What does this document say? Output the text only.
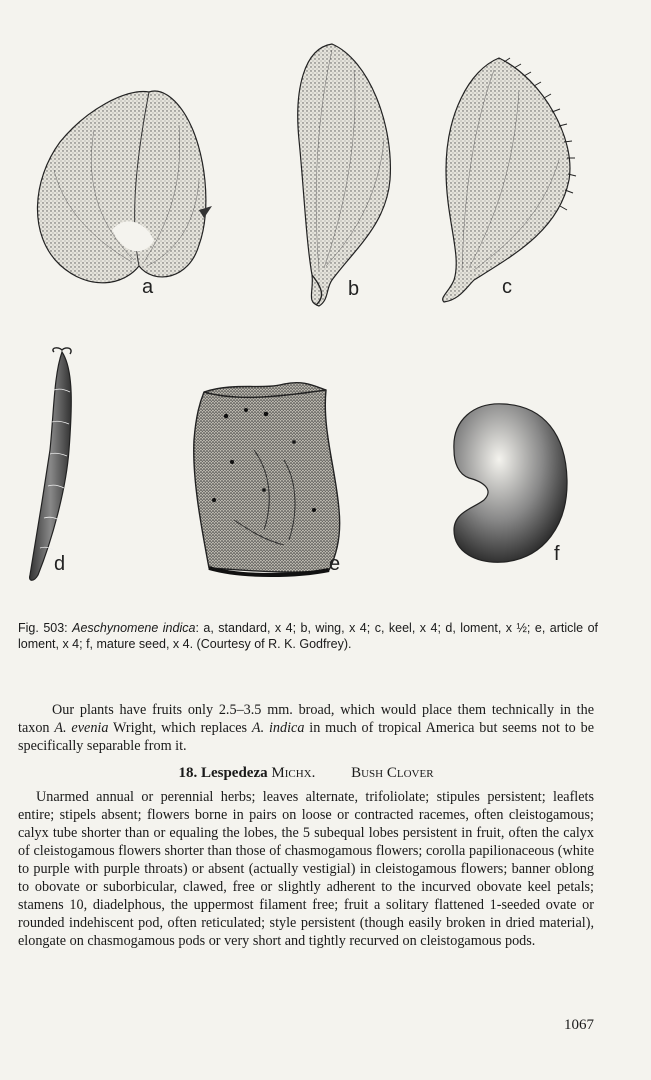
a	b	c
d	e	f
Fig. 503: Aeschynomene indica: a, standard, x 4; b, wing, x 4; c, keel, x 4; d, loment, x ½; e, article of loment, x 4; f, mature seed, x 4. (Courtesy of R. K. Godfrey).
Our plants have fruits only 2.5–3.5 mm. broad, which would place them technically in the taxon A. evenia Wright, which replaces A. indica in much of tropical America but seems not to be specifically separable from it.
18. Lespedeza Michx. Bush Clover
Unarmed annual or perennial herbs; leaves alternate, trifoliolate; stipules persistent; leaflets entire; stipels absent; flowers borne in pairs on loose or contracted racemes, often cleistogamous; calyx tube shorter than or equaling the lobes, the 5 subequal lobes persistent in fruit, often the calyx of cleistogamous flowers shorter than those of chasmogamous flowers; corolla papilionaceous (white to purple with purple throats) or absent (actually vestigial) in cleistogamous flowers; banner oblong to obovate or suborbicular, clawed, free or slightly adherent to the incurved obovate keel petals; stamens 10, diadelphous, the uppermost filament free; fruit a solitary flattened 1-seeded ovate or rounded indehiscent pod, often reticulated; style persistent (though easily broken in dried material), elongate on chasmogamous pods or very short and tightly recurved on cleistogamous pods.
1067
